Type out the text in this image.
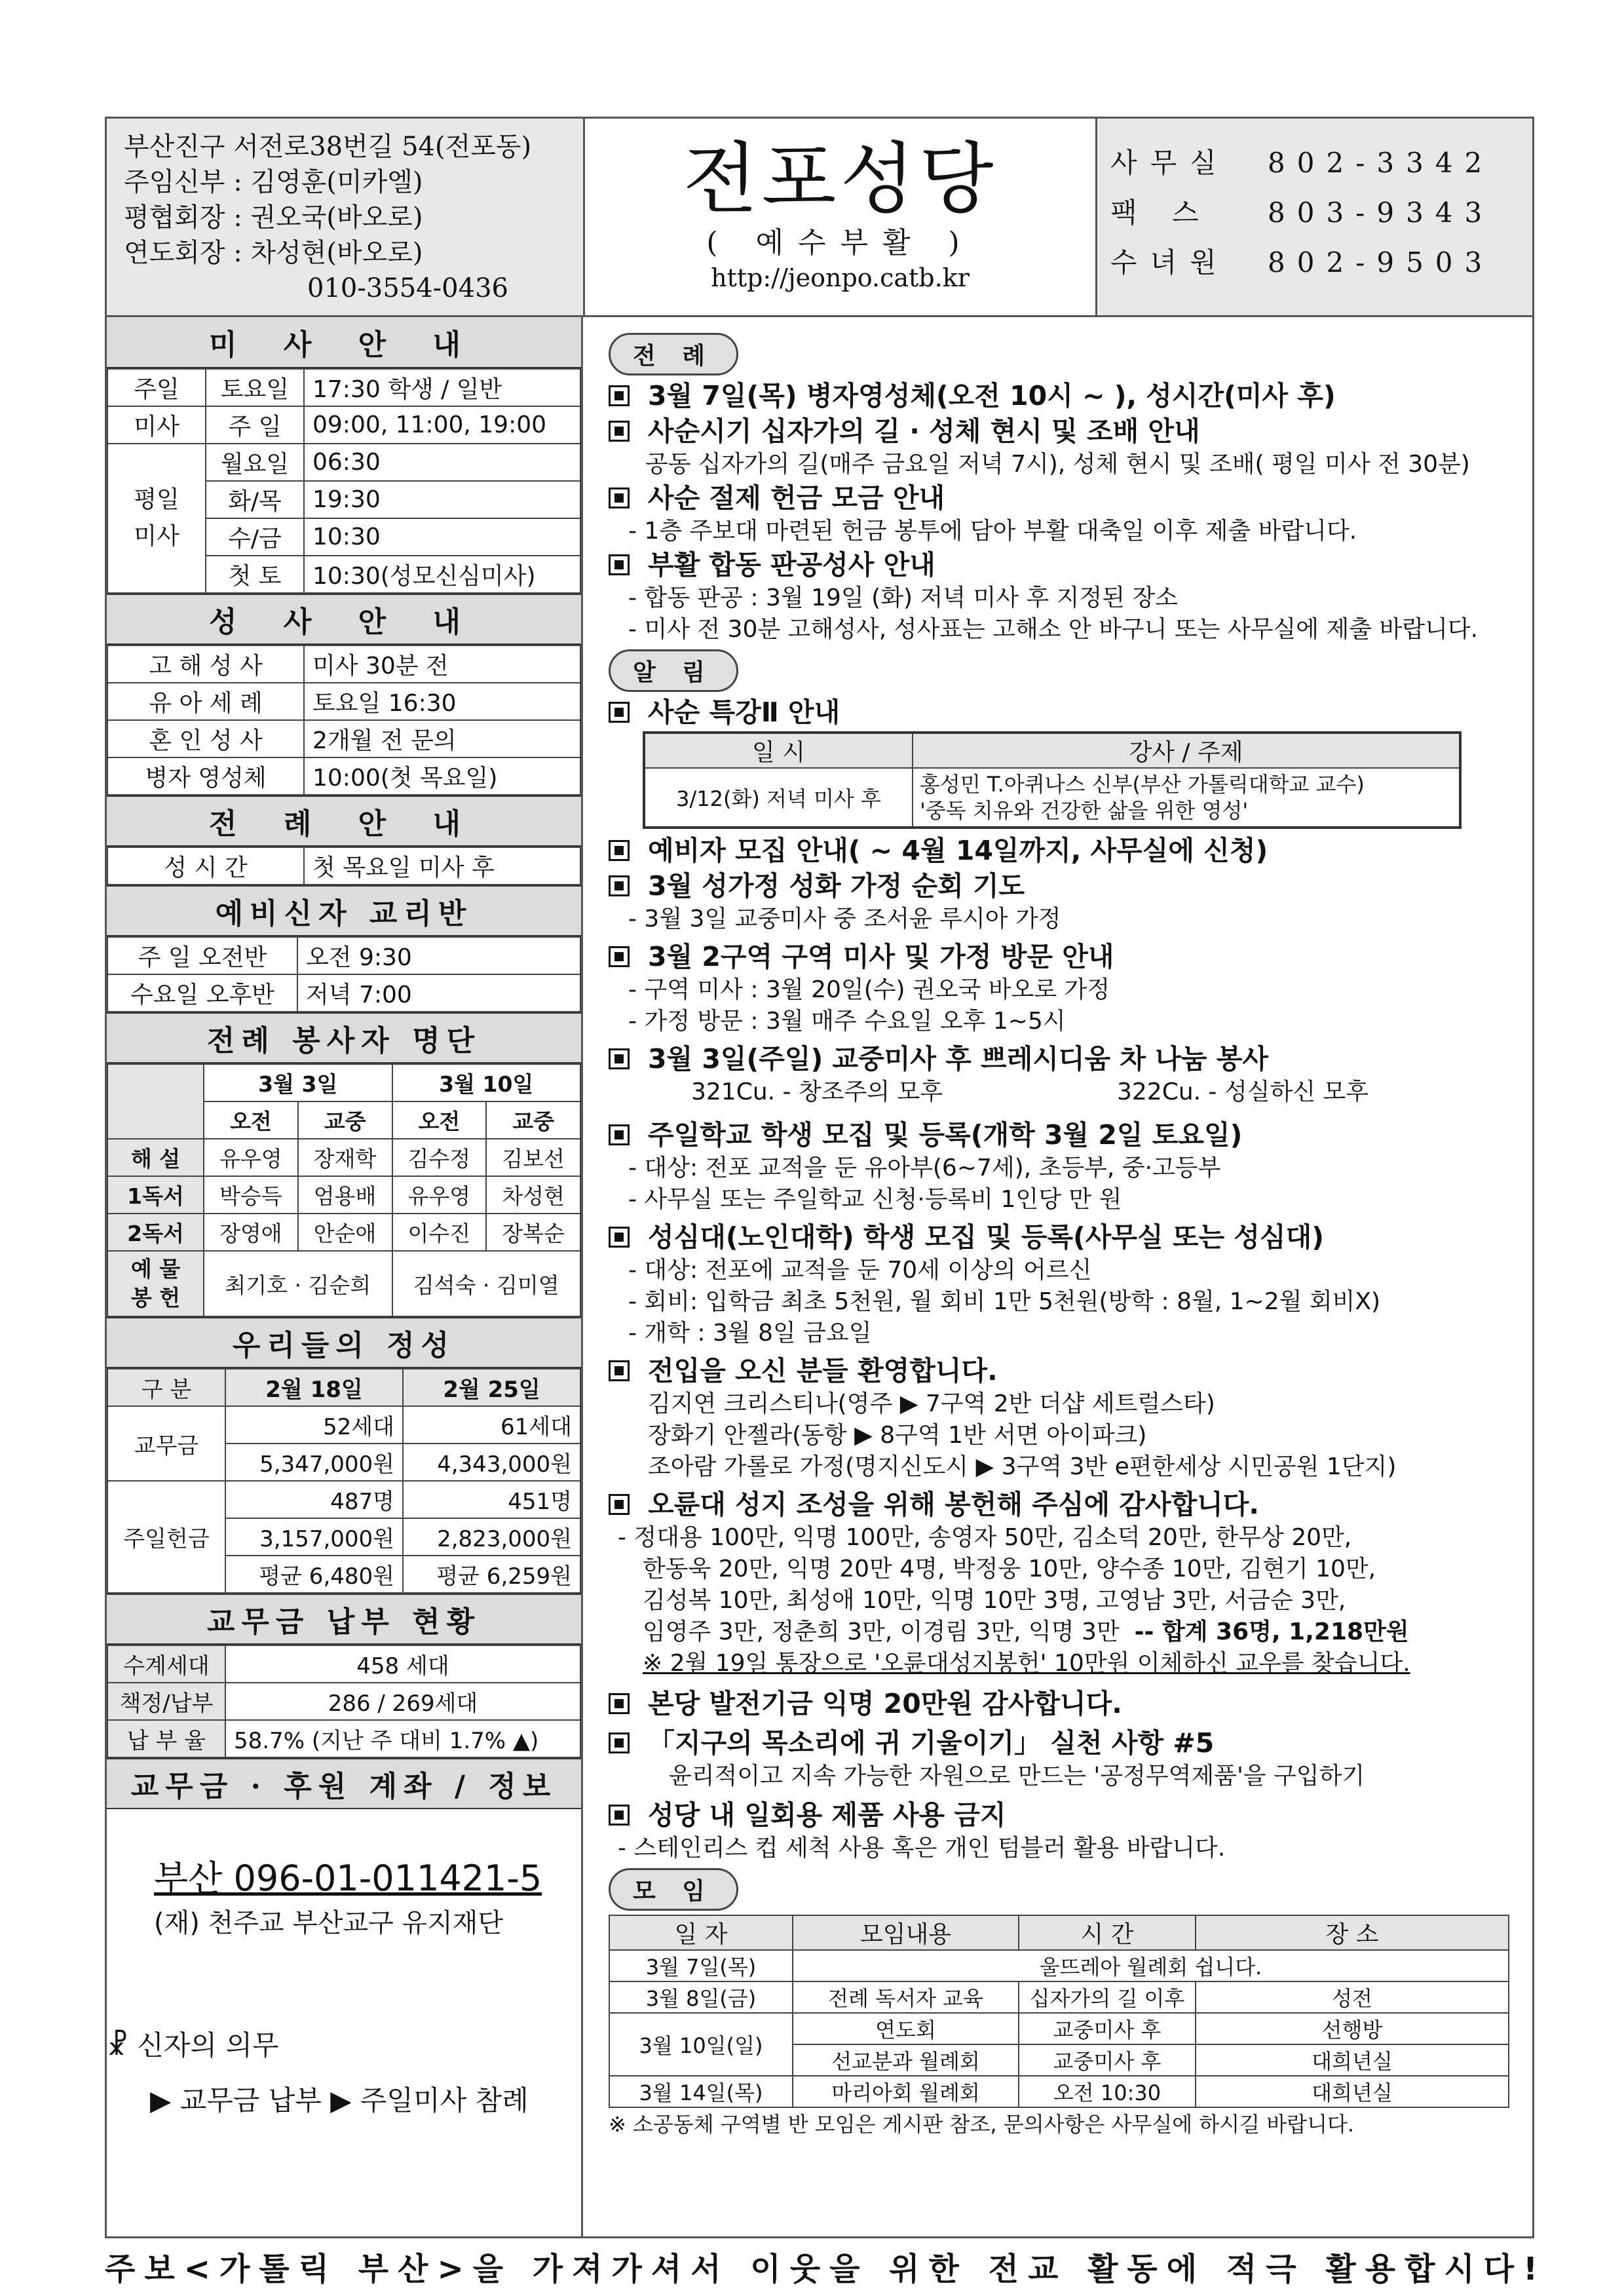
부산진구 서전로38번길 54(전포동)
주임신부 : 김영훈(미카엘)
평협회장 : 권오국(바오로)
연도회장 : 차성현(바오로)
010-3554-0436
전포성당
( 예수부활 )
http://jeonpo.catb.kr
사무실	802-3342
팩 스	803-9343
수녀원	802-9503
미 사 안 내
주일	토요일	17:30 학생 / 일반
미사	주 일	09:00, 11:00, 19:00
평일
미사	월요일	06:30
	화/목	19:30
	수/금	10:30
	첫 토	10:30(성모신심미사)
성 사 안 내
고 해 성 사	미사 30분 전
유 아 세 례	토요일 16:30
혼 인 성 사	2개월 전 문의
병자 영성체	10:00(첫 목요일)
전 례 안 내
성 시 간	첫 목요일 미사 후
예비신자 교리반
주 일 오전반	오전 9:30
수요일 오후반	저녁 7:00
전례 봉사자 명단
	3월 3일		3월 10일	
	오전	교중	오전	교중
해 설	유우영	장재학	김수정	김보선
1독서	박승득	엄용배	유우영	차성현
2독서	장영애	안순애	이수진	장복순
예 물
봉 헌	최기호 · 김순희		김석숙 · 김미열	
우리들의 정성
구 분	2월 18일	2월 25일
교무금	52세대	61세대
	5,347,000원	4,343,000원
주일헌금	487명	451명
	3,157,000원	2,823,000원
	평균 6,480원	평균 6,259원
교무금 납부 현황
수계세대	458 세대
책정/납부	286 / 269세대
납 부 율	58.7% (지난 주 대비 1.7% ▲)
교무금 · 후원 계좌 / 정보
부산 096-01-011421-5
(재) 천주교 부산교구 유지재단
☧ 신자의 의무
▶ 교무금 납부 ▶ 주일미사 참례
전 례
3월 7일(목) 병자영성체(오전 10시 ~ ), 성시간(미사 후)
사순시기 십자가의 길 · 성체 현시 및 조배 안내
공동 십자가의 길(매주 금요일 저녁 7시), 성체 현시 및 조배( 평일 미사 전 30분)
사순 절제 헌금 모금 안내
- 1층 주보대 마련된 헌금 봉투에 담아 부활 대축일 이후 제출 바랍니다.
부활 합동 판공성사 안내
- 합동 판공 : 3월 19일 (화) 저녁 미사 후 지정된 장소
- 미사 전 30분 고해성사, 성사표는 고해소 안 바구니 또는 사무실에 제출 바랍니다.
알 림
사순 특강Ⅱ 안내
일 시	강사 / 주제
3/12(화) 저녁 미사 후	홍성민 T.아퀴나스 신부(부산 가톨릭대학교 교수)
'중독 치유와 건강한 삶을 위한 영성'
예비자 모집 안내( ~ 4월 14일까지, 사무실에 신청)
3월 성가정 성화 가정 순회 기도
- 3월 3일 교중미사 중 조서윤 루시아 가정
3월 2구역 구역 미사 및 가정 방문 안내
- 구역 미사 : 3월 20일(수) 권오국 바오로 가정
- 가정 방문 : 3월 매주 수요일 오후 1~5시
3월 3일(주일) 교중미사 후 쁘레시디움 차 나눔 봉사
321Cu. - 창조주의 모후	322Cu. - 성실하신 모후
주일학교 학생 모집 및 등록(개학 3월 2일 토요일)
- 대상: 전포 교적을 둔 유아부(6~7세), 초등부, 중·고등부
- 사무실 또는 주일학교 신청·등록비 1인당 만 원
성심대(노인대학) 학생 모집 및 등록(사무실 또는 성심대)
- 대상: 전포에 교적을 둔 70세 이상의 어르신
- 회비: 입학금 최초 5천원, 월 회비 1만 5천원(방학 : 8월, 1~2월 회비X)
- 개학 : 3월 8일 금요일
전입을 오신 분들 환영합니다.
김지연 크리스티나(영주 ▶ 7구역 2반 더샵 세트럴스타)
장화기 안젤라(동항 ▶ 8구역 1반 서면 아이파크)
조아람 가롤로 가정(명지신도시 ▶ 3구역 3반 e편한세상 시민공원 1단지)
오륜대 성지 조성을 위해 봉헌해 주심에 감사합니다.
- 정대용 100만, 익명 100만, 송영자 50만, 김소덕 20만, 한무상 20만,
한동욱 20만, 익명 20만 4명, 박정웅 10만, 양수종 10만, 김현기 10만,
김성복 10만, 최성애 10만, 익명 10만 3명, 고영남 3만, 서금순 3만,
임영주 3만, 정춘희 3만, 이경림 3만, 익명 3만 -- 합계 36명, 1,218만원
※ 2월 19일 통장으로 '오륜대성지봉헌' 10만원 이체하신 교우를 찾습니다.
본당 발전기금 익명 20만원 감사합니다.
「지구의 목소리에 귀 기울이기」 실천 사항 #5
윤리적이고 지속 가능한 자원으로 만드는 '공정무역제품'을 구입하기
성당 내 일회용 제품 사용 금지
- 스테인리스 컵 세척 사용 혹은 개인 텀블러 활용 바랍니다.
모 임
일 자	모임내용	시 간	장 소
3월 7일(목)	울뜨레아 월례회 쉽니다.		
3월 8일(금)	전례 독서자 교육	십자가의 길 이후	성전
3월 10일(일)	연도회	교중미사 후	선행방
	선교분과 월례회	교중미사 후	대희년실
3월 14일(목)	마리아회 월례회	오전 10:30	대희년실
※ 소공동체 구역별 반 모임은 게시판 참조, 문의사항은 사무실에 하시길 바랍니다.
주보<가톨릭 부산>을 가져가셔서 이웃을 위한 전교 활동에 적극 활용합시다!
